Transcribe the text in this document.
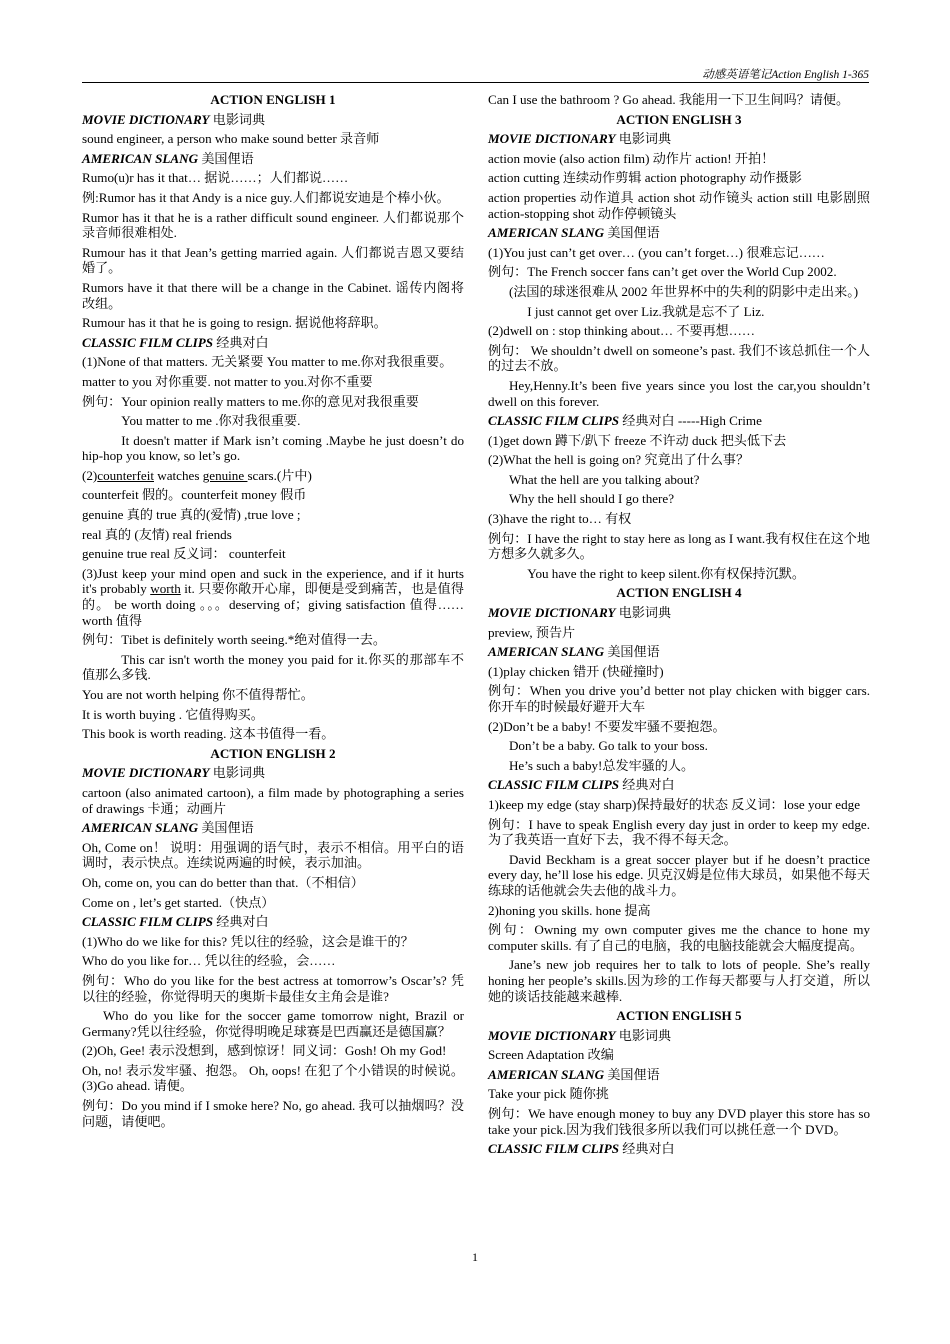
动感英语笔记Action English 1-365

ACTION ENGLISH 1

MOVIE DICTIONARY 电影词典

sound engineer, a person who make sound better 录音师

AMERICAN SLANG 美国俚语

Rumo(u)r has it that… 据说……；人们都说……

例:Rumor has it that Andy is a nice guy.人们都说安迪是个棒小伙。

Rumor has it that he is a rather difficult sound engineer. 人们都说那个录音师很难相处.

Rumour has it that Jean’s getting married again. 人们都说吉恩又要结婚了。

Rumors have it that there will be a change in the Cabinet. 谣传内阁将改组。

Rumour has it that he is going to resign. 据说他将辞职。

CLASSIC FILM CLIPS 经典对白

(1)None of that matters. 无关紧要 You matter to me.你对我很重要。

matter to you 对你重要. not matter to you.对你不重要

例句：Your opinion really matters to me.你的意见对我很重要

You matter to me .你对我很重要.

It doesn't matter if Mark isn’t coming .Maybe he just doesn’t do hip-hop you know, so let’s go.

(2)counterfeit watches genuine scars.(片中)

counterfeit 假的。counterfeit money 假币

genuine 真的 true 真的(爱情) ,true love ;

real 真的 (友情) real friends

genuine true real 反义词： counterfeit

(3)Just keep your mind open and suck in the experience, and if it hurts it's probably worth it. 只要你敞开心扉，即便是受到痛苦，也是值得的。 be worth doing 。。。deserving of；giving satisfaction 值得…… worth 值得

例句：Tibet is definitely worth seeing.*绝对值得一去。

This car isn't worth the money you paid for it.你买的那部车不值那么多钱.

You are not worth helping 你不值得帮忙。

It is worth buying . 它值得购买。

This book is worth reading. 这本书值得一看。

ACTION ENGLISH 2

MOVIE DICTIONARY 电影词典

cartoon (also animated cartoon), a film made by photographing a series of drawings 卡通；动画片

AMERICAN SLANG 美国俚语

Oh, Come on！ 说明：用强调的语气时，表示不相信。用平白的语调时，表示快点。连续说两遍的时候，表示加油。

Oh, come on, you can do better than that.（不相信）

Come on , let’s get started.（快点）

CLASSIC FILM CLIPS 经典对白

(1)Who do we like for this? 凭以往的经验，这会是谁干的？

Who do you like for… 凭以往的经验，会……

例句：Who do you like for the best actress at tomorrow’s Oscar’s? 凭以往的经验，你觉得明天的奥斯卡最佳女主角会是谁?

Who do you like for the soccer game tomorrow night, Brazil or Germany?凭以往经验，你觉得明晚足球赛是巴西赢还是德国赢？

(2)Oh, Gee! 表示没想到，感到惊讶！同义词：Gosh! Oh my God!

Oh, no! 表示发牢骚、抱怨。 Oh, oops! 在犯了个小错误的时候说。 (3)Go ahead. 请便。

例句：Do you mind if I smoke here? No, go ahead. 我可以抽烟吗？没问题，请便吧。

Can I use the bathroom ? Go ahead. 我能用一下卫生间吗？请便。

ACTION ENGLISH 3

MOVIE DICTIONARY 电影词典

action movie (also action film) 动作片 action! 开拍！

action cutting 连续动作剪辑 action photography 动作摄影

action properties 动作道具 action shot 动作镜头 action still 电影剧照 action-stopping shot 动作停顿镜头

AMERICAN SLANG 美国俚语

(1)You just can’t get over… (you can’t forget…) 很难忘记……

例句：The French soccer fans can’t get over the World Cup 2002.

(法国的球迷很难从 2002 年世界杯中的失利的阴影中走出来。)

I just cannot get over Liz.我就是忘不了 Liz.

(2)dwell on : stop thinking about… 不要再想……

例句： We shouldn’t dwell on someone’s past. 我们不该总抓住一个人的过去不放。

Hey,Henny.It’s been five years since you lost the car,you shouldn’t dwell on this forever.

CLASSIC FILM CLIPS 经典对白 -----High Crime

(1)get down 蹲下/趴下 freeze 不许动 duck 把头低下去

(2)What the hell is going on? 究竟出了什么事？

What the hell are you talking about?

Why the hell should I go there?

(3)have the right to… 有权

例句：I have the right to stay here as long as I want.我有权住在这个地方想多久就多久。

You have the right to keep silent.你有权保持沉默。

ACTION ENGLISH 4

MOVIE DICTIONARY 电影词典

preview, 预告片

AMERICAN SLANG 美国俚语

(1)play chicken 错开 (快碰撞时)

例句：When you drive you’d better not play chicken with bigger cars. 你开车的时候最好避开大车

(2)Don’t be a baby! 不要发牢骚不要抱怨。

Don’t be a baby. Go talk to your boss.

He’s such a baby!总发牢骚的人。

CLASSIC FILM CLIPS 经典对白

1)keep my edge (stay sharp)保持最好的状态 反义词：lose your edge

例句：I have to speak English every day just in order to keep my edge.为了我英语一直好下去，我不得不每天念。

David Beckham is a great soccer player but if he doesn’t practice every day, he’ll lose his edge. 贝克汉姆是位伟大球员，如果他不每天练球的话他就会失去他的战斗力。

2)honing you skills. hone 提高

例句：Owning my own computer gives me the chance to hone my computer skills. 有了自己的电脑，我的电脑技能就会大幅度提高。

Jane’s new job requires her to talk to lots of people. She’s really honing her people’s skills.因为珍的工作每天都要与人打交道，所以她的谈话技能越来越棒.

ACTION ENGLISH 5

MOVIE DICTIONARY 电影词典

Screen Adaptation 改编

AMERICAN SLANG 美国俚语

Take your pick 随你挑

例句：We have enough money to buy any DVD player this store has so take your pick.因为我们钱很多所以我们可以挑任意一个 DVD。

CLASSIC FILM CLIPS 经典对白

1
